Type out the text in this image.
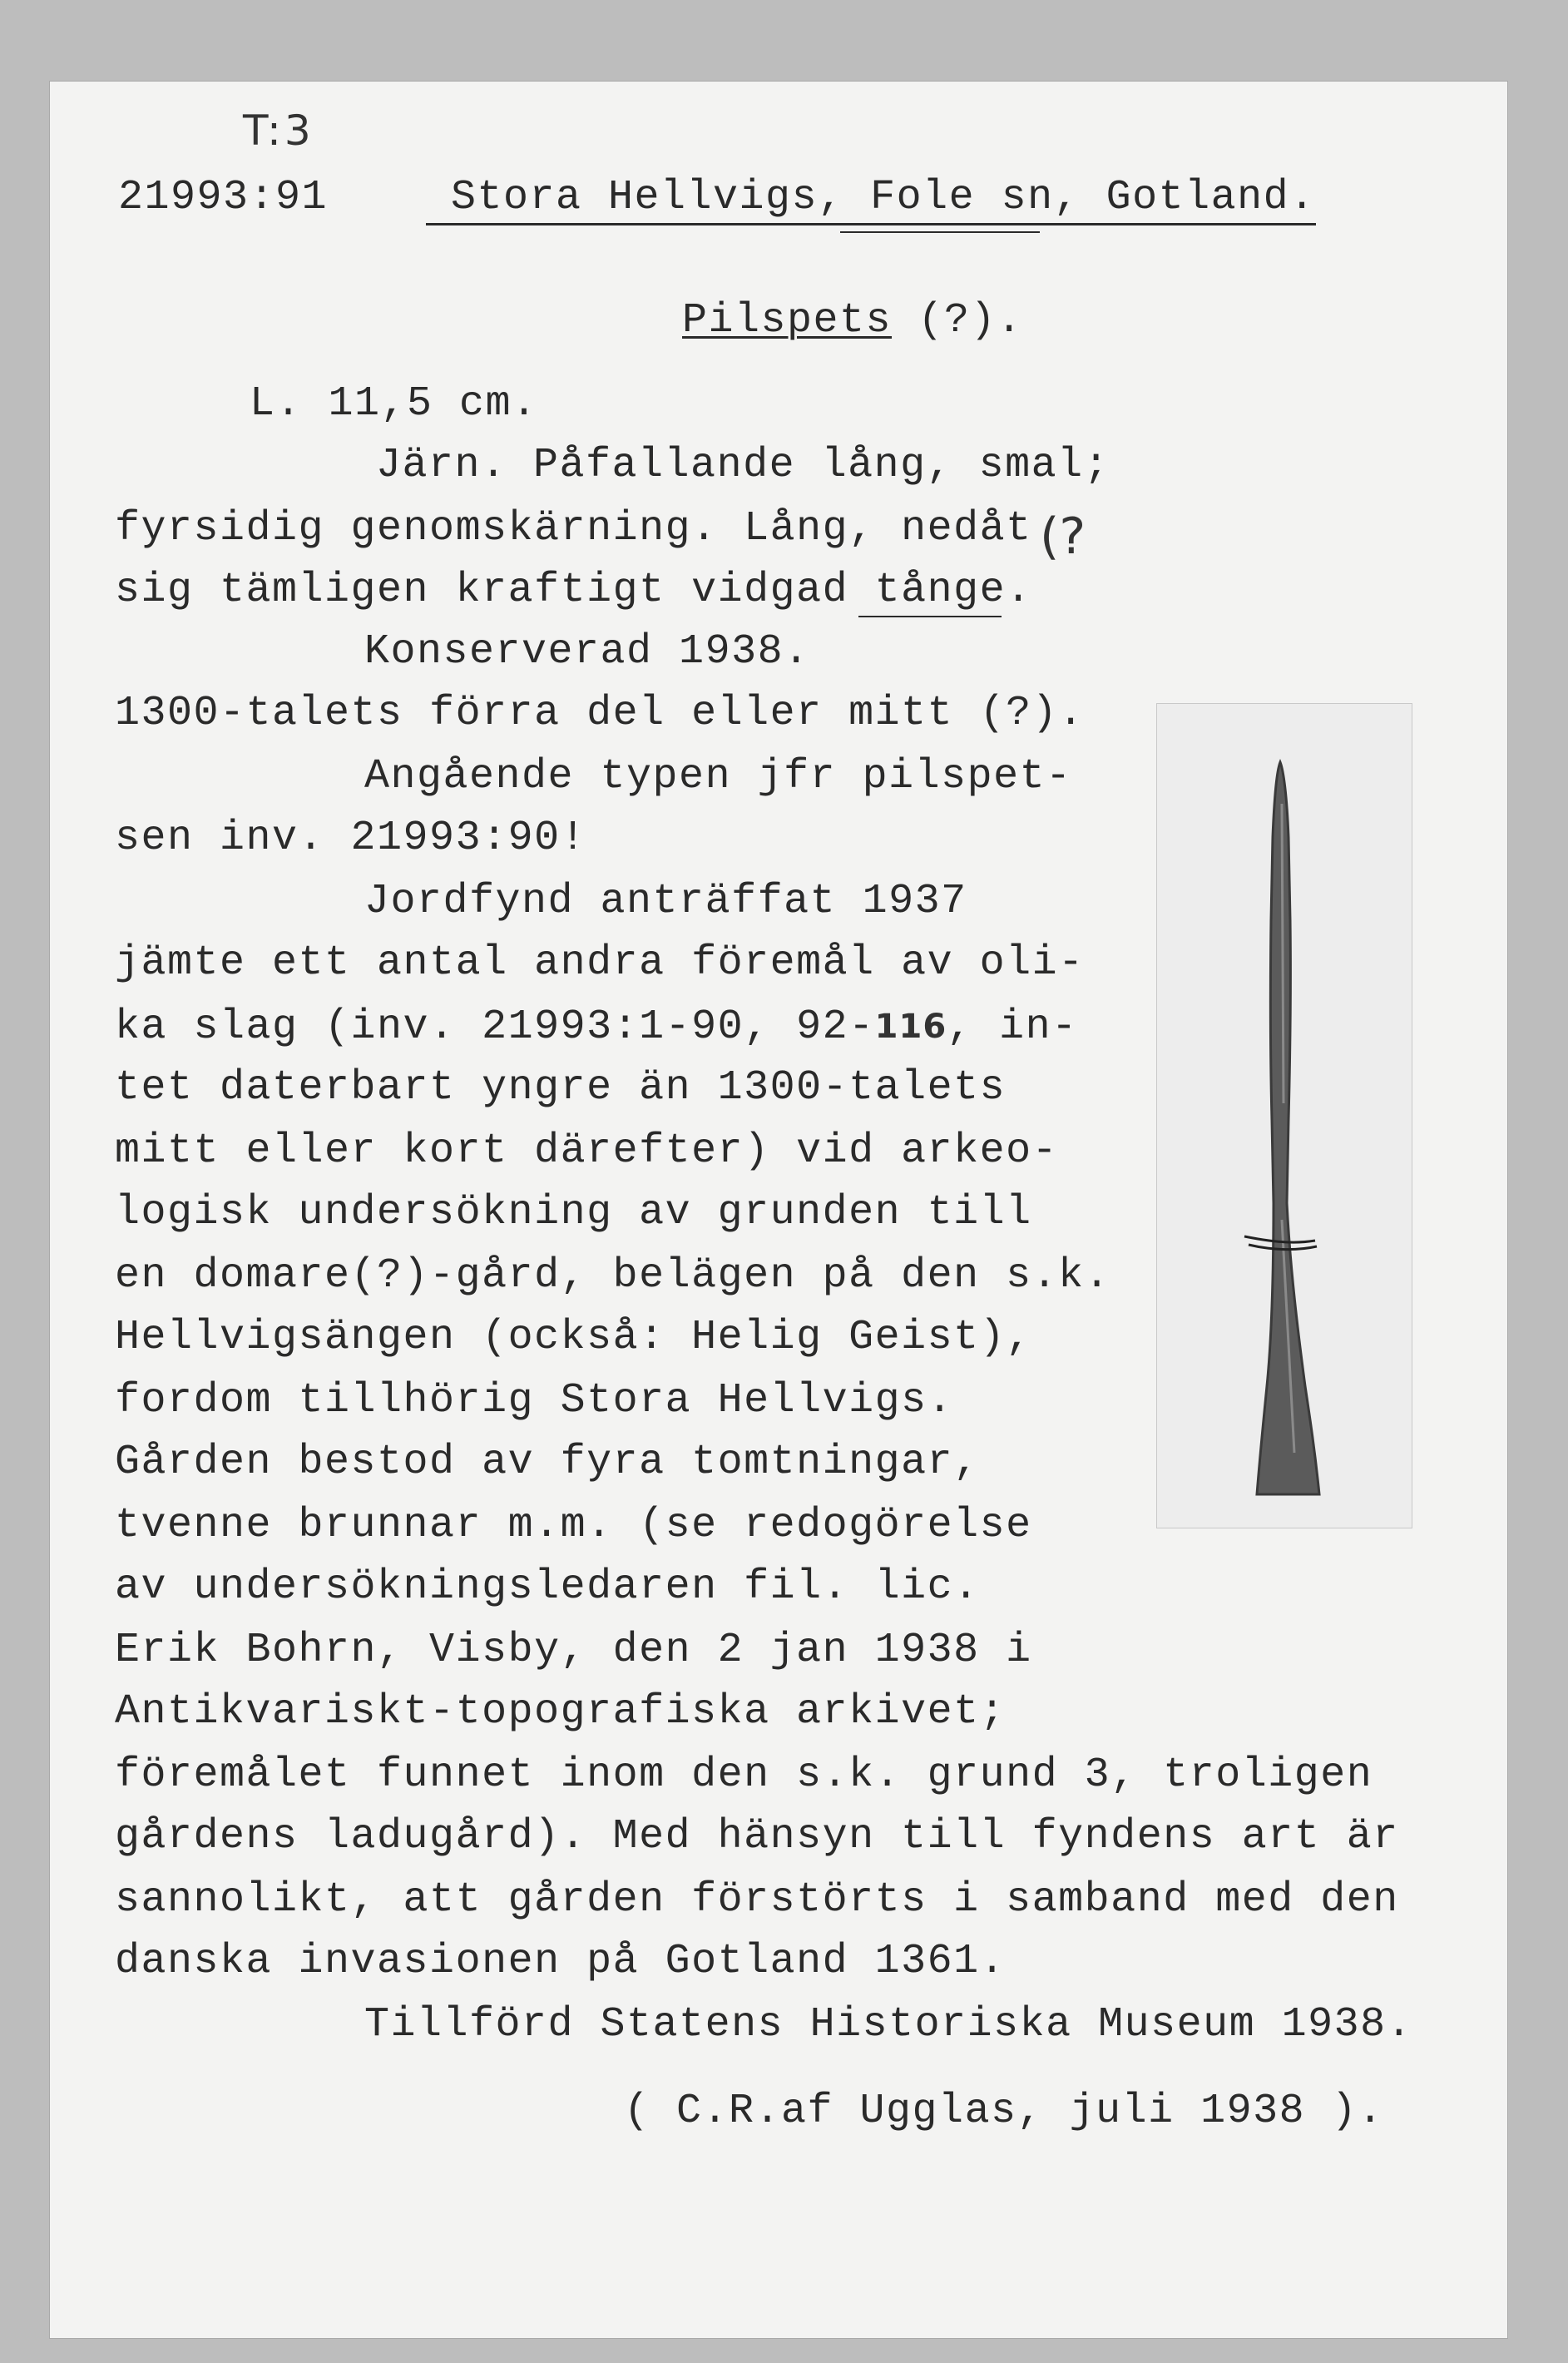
T:3
21993:91	Stora Hellvigs, Fole sn, Gotland.
Pilspets (?).
L. 11,5 cm.
Järn. Påfallande lång, smal;
fyrsidig genomskärning. Lång, nedåt
sig tämligen kraftigt vidgad tånge.
(?
Konserverad 1938.
1300-talets förra del eller mitt (?).
Angående typen jfr pilspet-
sen inv. 21993:90!
Jordfynd anträffat 1937
jämte ett antal andra föremål av oli-
ka slag (inv. 21993:1-90, 92-116, in-
tet daterbart yngre än 1300-talets
mitt eller kort därefter) vid arkeo-
logisk undersökning av grunden till
en domare(?)-gård, belägen på den s.k.
Hellvigsängen (också: Helig Geist),
fordom tillhörig Stora Hellvigs.
Gården bestod av fyra tomtningar,
tvenne brunnar m.m. (se redogörelse
av undersökningsledaren fil. lic.
Erik Bohrn, Visby, den 2 jan 1938 i
Antikvariskt-topografiska arkivet;
föremålet funnet inom den s.k. grund 3, troligen
gårdens ladugård). Med hänsyn till fyndens art är
sannolikt, att gården förstörts i samband med den
danska invasionen på Gotland 1361.
Tillförd Statens Historiska Museum 1938.
( C.R.af Ugglas, juli 1938 ).
